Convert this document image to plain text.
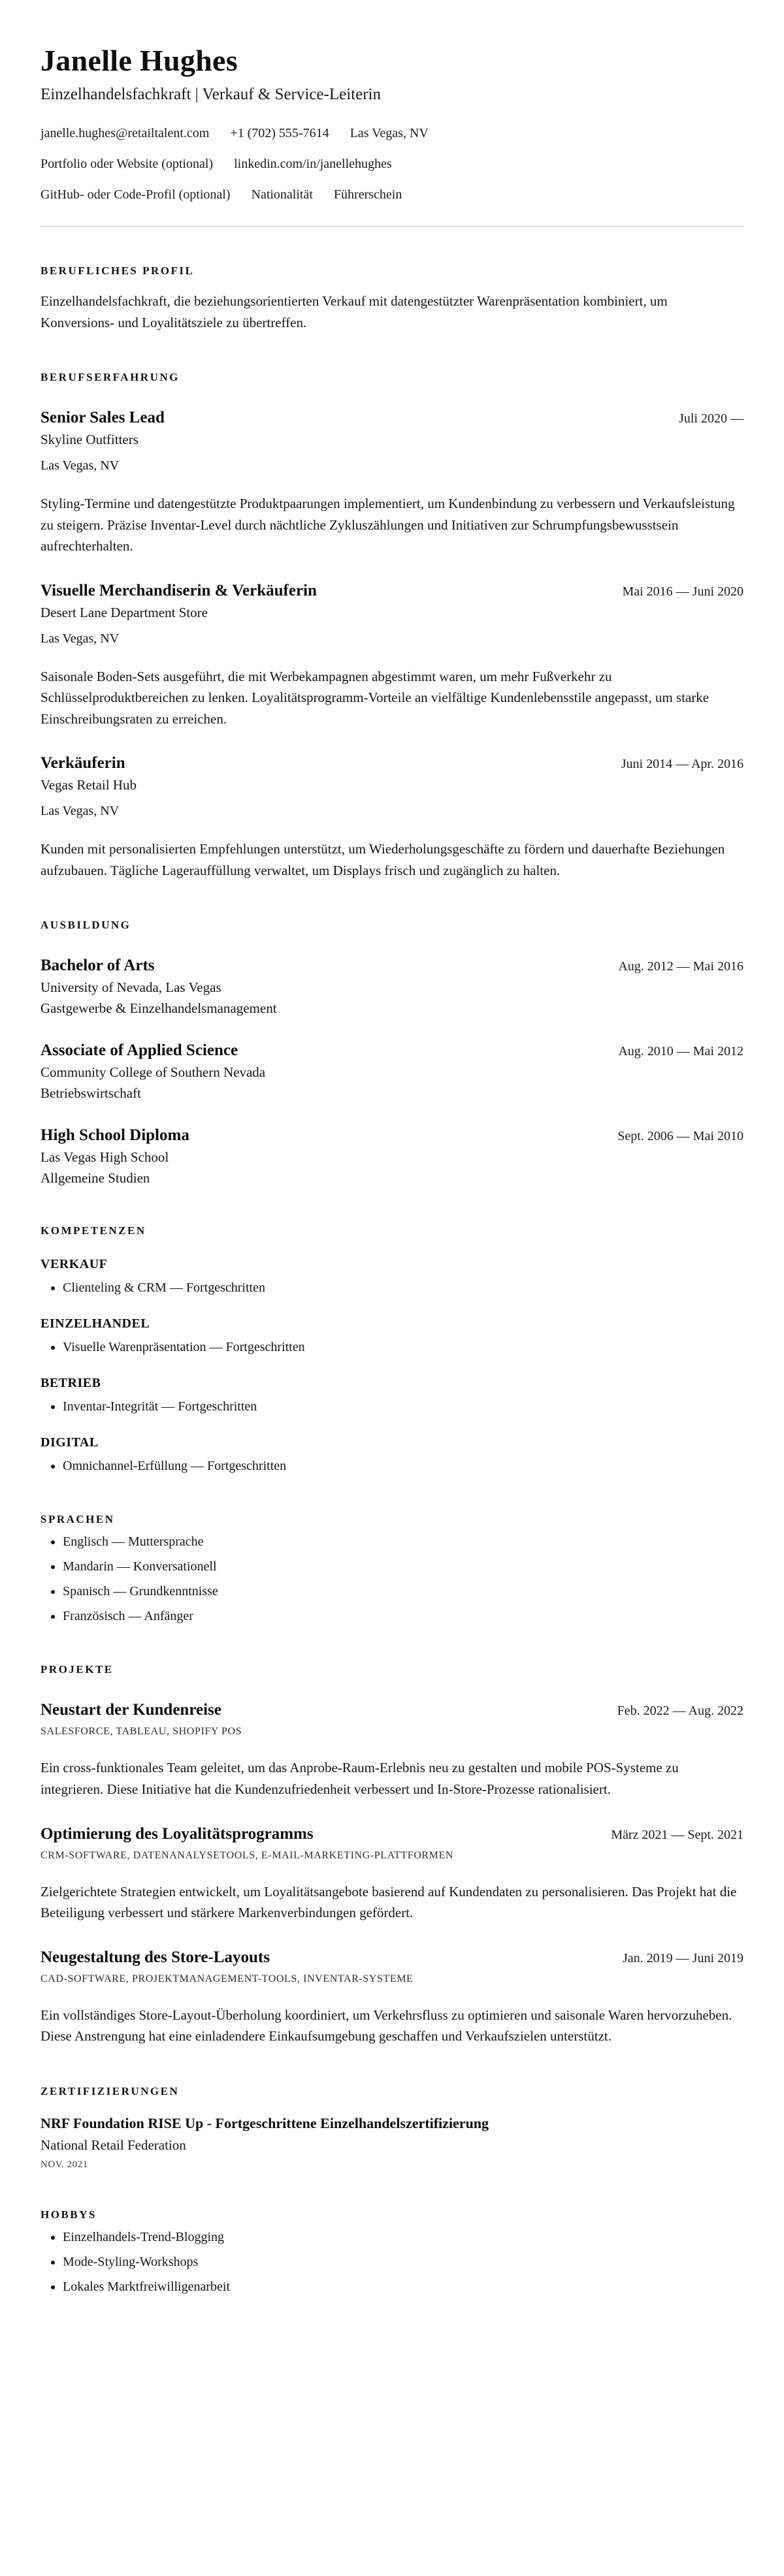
Janelle Hughes
Einzelhandelsfachkraft | Verkauf & Service-Leiterin
janelle.hughes@retailtalent.com +1 (702) 555-7614 Las Vegas, NV
Portfolio oder Website (optional) linkedin.com/in/janellehughes
GitHub- oder Code-Profil (optional) Nationalität Führerschein
BERUFLICHES PROFIL

Einzelhandelsfachkraft, die beziehungsorientierten Verkauf mit datengestützter Warenpräsentation kombiniert, um Konversions- und Loyalitätsziele zu übertreffen.

BERUFSERFAHRUNG
Senior Sales Lead	Juli 2020 —
Skyline Outfitters
Las Vegas, NV

Styling-Termine und datengestützte Produktpaarungen implementiert, um Kundenbindung zu verbessern und Verkaufsleistung zu steigern. Präzise Inventar-Level durch nächtliche Zykluszählungen und Initiativen zur Schrumpfungsbewusstsein aufrechterhalten.

Visuelle Merchandiserin & Verkäuferin	Mai 2016 — Juni 2020
Desert Lane Department Store
Las Vegas, NV

Saisonale Boden-Sets ausgeführt, die mit Werbekampagnen abgestimmt waren, um mehr Fußverkehr zu Schlüsselproduktbereichen zu lenken. Loyalitätsprogramm-Vorteile an vielfältige Kundenlebensstile angepasst, um starke Einschreibungsraten zu erreichen.

Verkäuferin	Juni 2014 — Apr. 2016
Vegas Retail Hub
Las Vegas, NV

Kunden mit personalisierten Empfehlungen unterstützt, um Wiederholungsgeschäfte zu fördern und dauerhafte Beziehungen aufzubauen. Tägliche Lagerauffüllung verwaltet, um Displays frisch und zugänglich zu halten.

AUSBILDUNG
Bachelor of Arts	Aug. 2012 — Mai 2016
University of Nevada, Las Vegas
Gastgewerbe & Einzelhandelsmanagement
Associate of Applied Science	Aug. 2010 — Mai 2012
Community College of Southern Nevada
Betriebswirtschaft
High School Diploma	Sept. 2006 — Mai 2010
Las Vegas High School
Allgemeine Studien
KOMPETENZEN
VERKAUF
• Clienteling & CRM — Fortgeschritten
EINZELHANDEL
• Visuelle Warenpräsentation — Fortgeschritten
BETRIEB
• Inventar-Integrität — Fortgeschritten
DIGITAL
• Omnichannel-Erfüllung — Fortgeschritten
SPRACHEN
• Englisch — Muttersprache
• Mandarin — Konversationell
• Spanisch — Grundkenntnisse
• Französisch — Anfänger
PROJEKTE
Neustart der Kundenreise	Feb. 2022 — Aug. 2022
SALESFORCE, TABLEAU, SHOPIFY POS

Ein cross-funktionales Team geleitet, um das Anprobe-Raum-Erlebnis neu zu gestalten und mobile POS-Systeme zu integrieren. Diese Initiative hat die Kundenzufriedenheit verbessert und In-Store-Prozesse rationalisiert.

Optimierung des Loyalitätsprogramms	März 2021 — Sept. 2021
CRM-SOFTWARE, DATENANALYSETOOLS, E-MAIL-MARKETING-PLATTFORMEN

Zielgerichtete Strategien entwickelt, um Loyalitätsangebote basierend auf Kundendaten zu personalisieren. Das Projekt hat die Beteiligung verbessert und stärkere Markenverbindungen gefördert.

Neugestaltung des Store-Layouts	Jan. 2019 — Juni 2019
CAD-SOFTWARE, PROJEKTMANAGEMENT-TOOLS, INVENTAR-SYSTEME

Ein vollständiges Store-Layout-Überholung koordiniert, um Verkehrsfluss zu optimieren und saisonale Waren hervorzuheben. Diese Anstrengung hat eine einladendere Einkaufsumgebung geschaffen und Verkaufszielen unterstützt.

ZERTIFIZIERUNGEN
NRF Foundation RISE Up - Fortgeschrittene Einzelhandelszertifizierung
National Retail Federation
NOV. 2021
HOBBYS
• Einzelhandels-Trend-Blogging
• Mode-Styling-Workshops
• Lokales Marktfreiwilligenarbeit
